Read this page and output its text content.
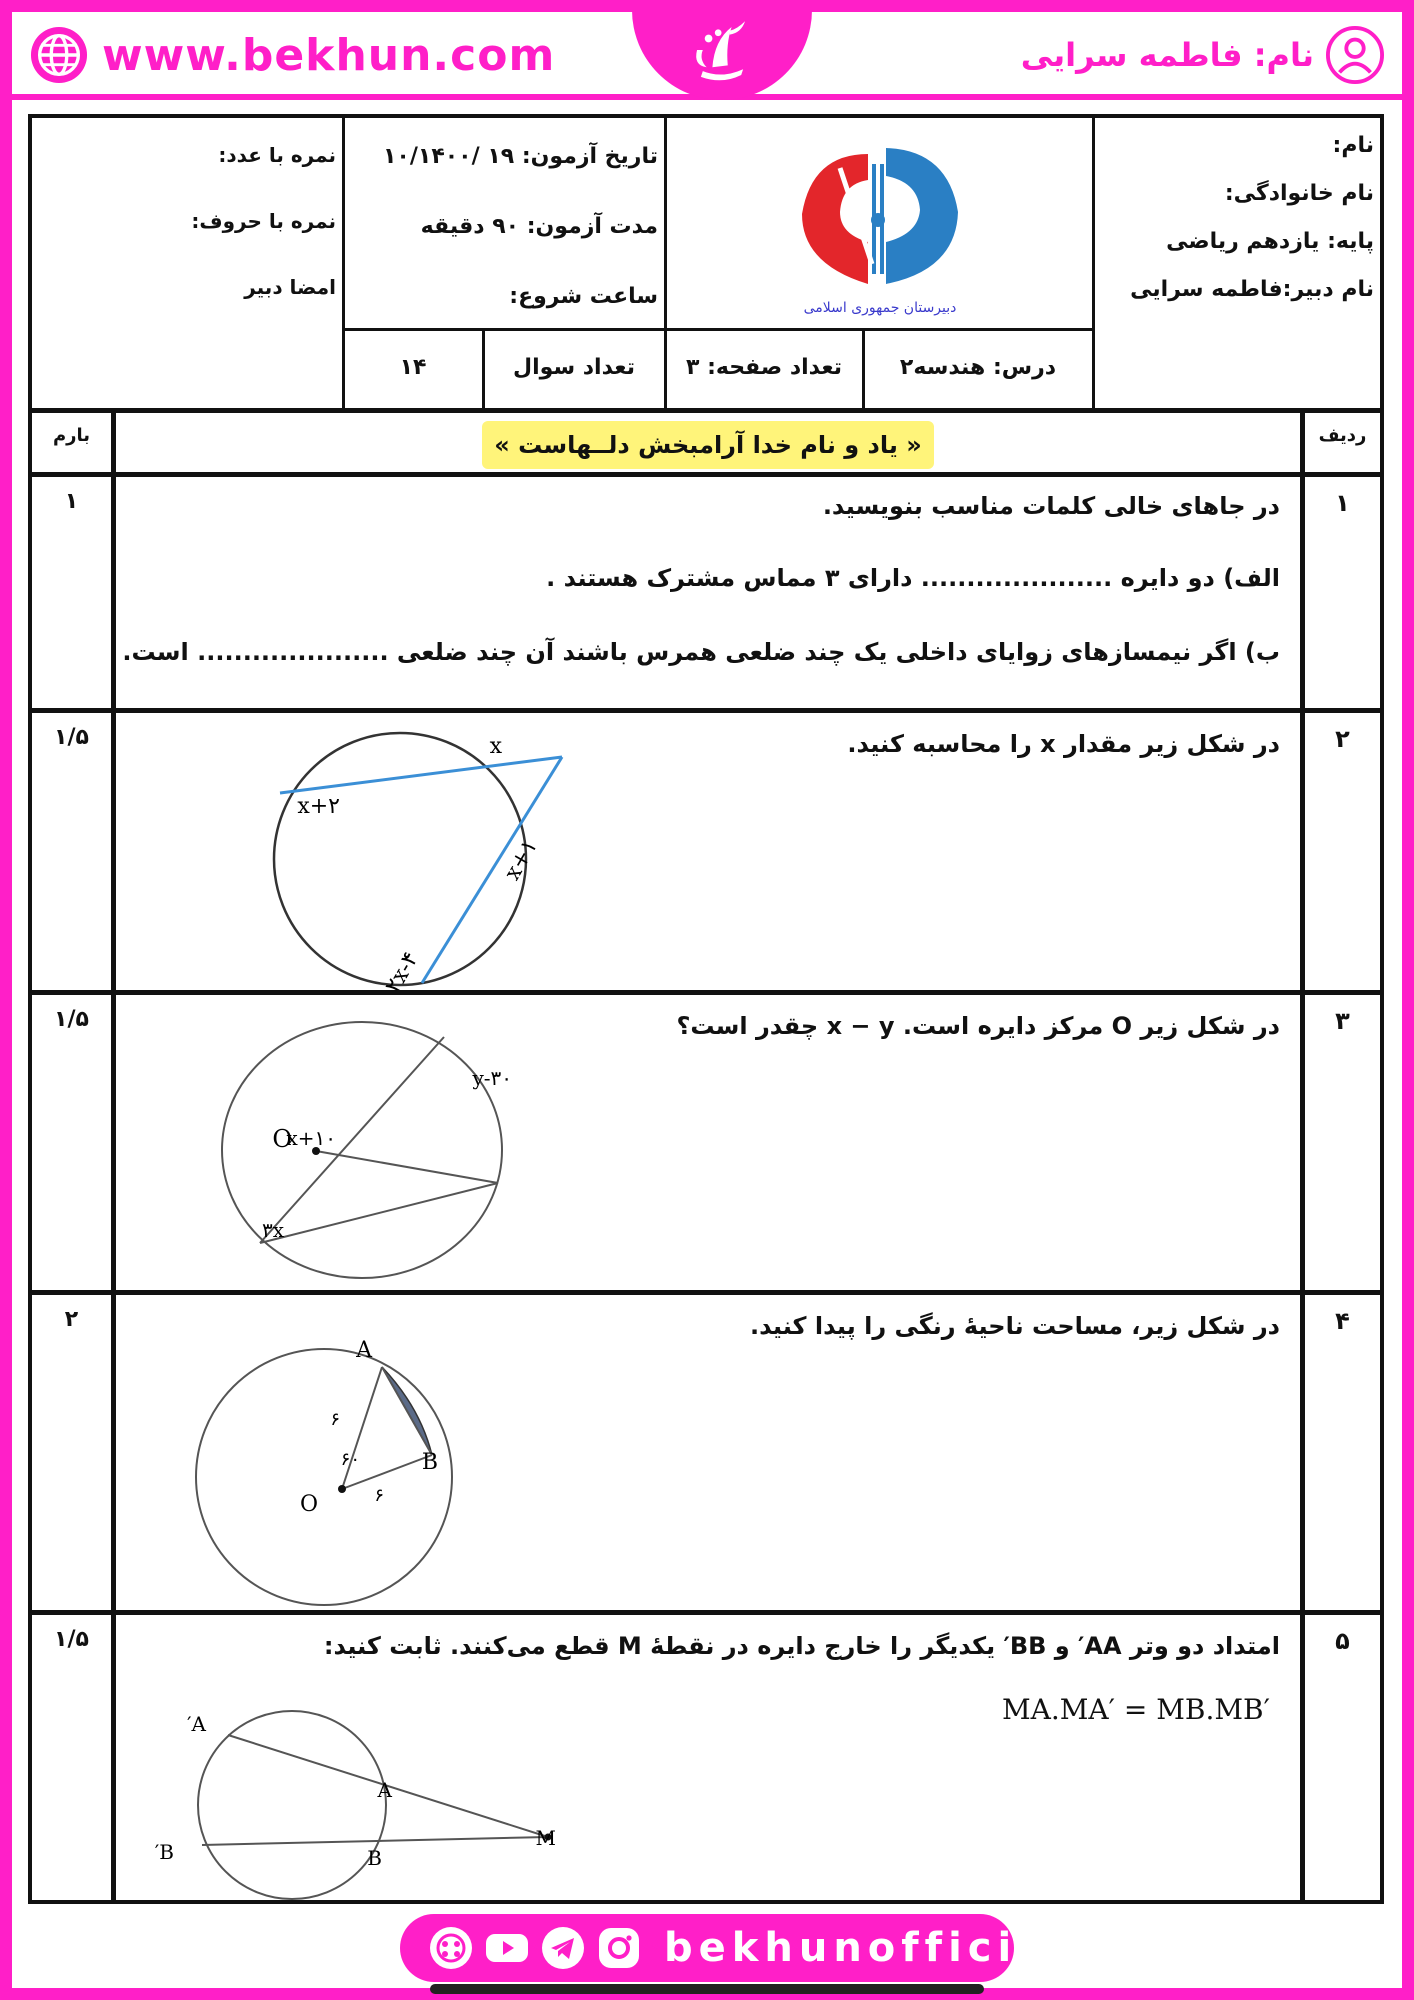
www.bekhun.com	نام: فاطمه سرایی
نام:
نام خانوادگی:
پایه: یازدهم ریاضی
نام دبیر:فاطمه سرایی
دبیرستان جمهوری اسلامی
تاریخ آزمون: ۱۹ /۱۰/۱۴۰۰
مدت آزمون: ۹۰ دقیقه
ساعت شروع:
نمره با عدد:
نمره با حروف:
امضا دبیر
درس: هندسه۲
تعداد صفحه: ۳
تعداد سوال
۱۴
ردیف
بارم	« یاد و نام خدا آرامبخش دلــهاست »
۱
۱	در جاهای خالی کلمات مناسب بنویسید.
الف) دو دایره ..................... دارای ۳ مماس مشترک هستند .
ب) اگر نیمسازهای زوایای داخلی یک چند ضلعی همرس باشند آن چند ضلعی ..................... است.
۲
۱/۵	در شکل زیر مقدار x را محاسبه کنید.
x
x+۲
x+۱
۲x-۴
۳
۱/۵	در شکل زیر O مرکز دایره است. x − y چقدر است؟
O
x+۱۰
y-۳۰
۳x
۴
۲	در شکل زیر، مساحت ناحیهٔ رنگی را پیدا کنید.
A
B
O
۶
۶
۶۰
۵
۱/۵	امتداد دو وتر AA′ و BB′ یکدیگر را خارج دایره در نقطهٔ M قطع می‌کنند. ثابت کنید:
MA.MA′ = MB.MB′
A′
A
B′	B
M
bekhunofficial
